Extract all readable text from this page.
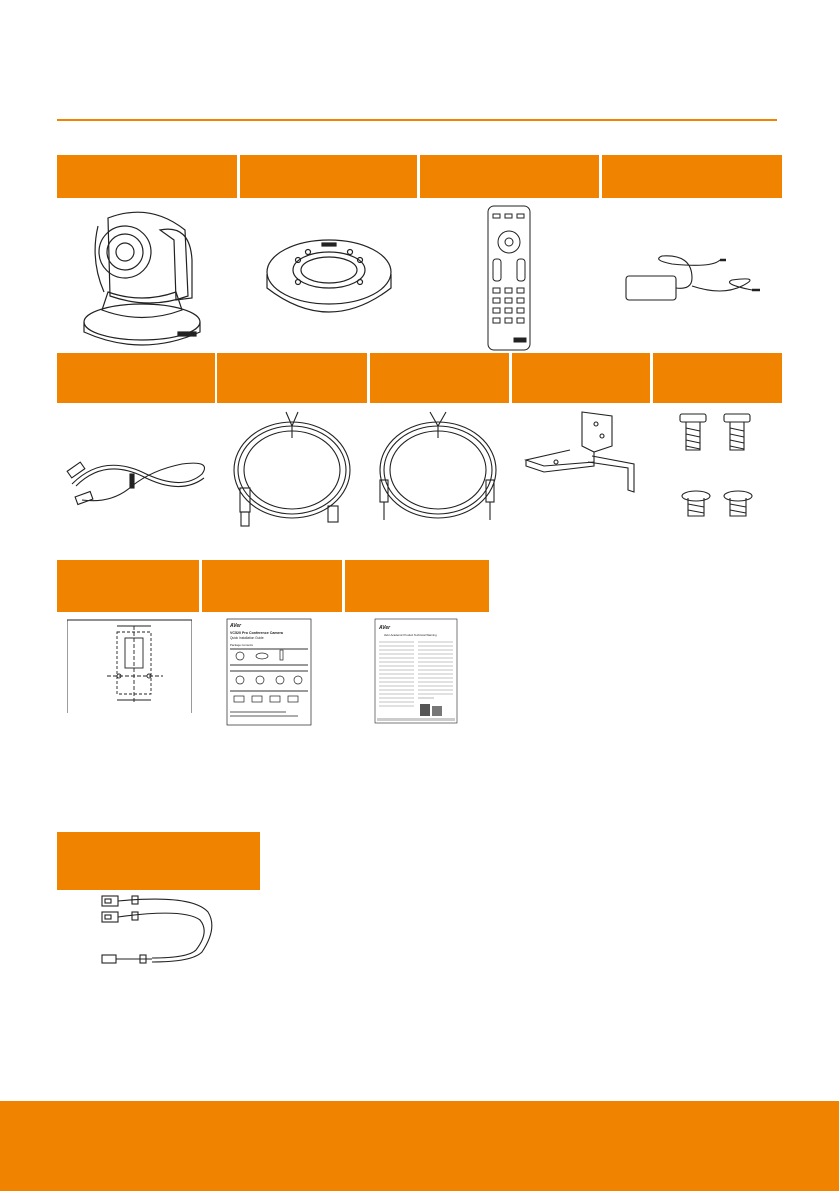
AVer
VC520 Pro Conference Camera
Quick Installation Guide
Package Contents
AVer
AVer Academic Product Technical Warning
